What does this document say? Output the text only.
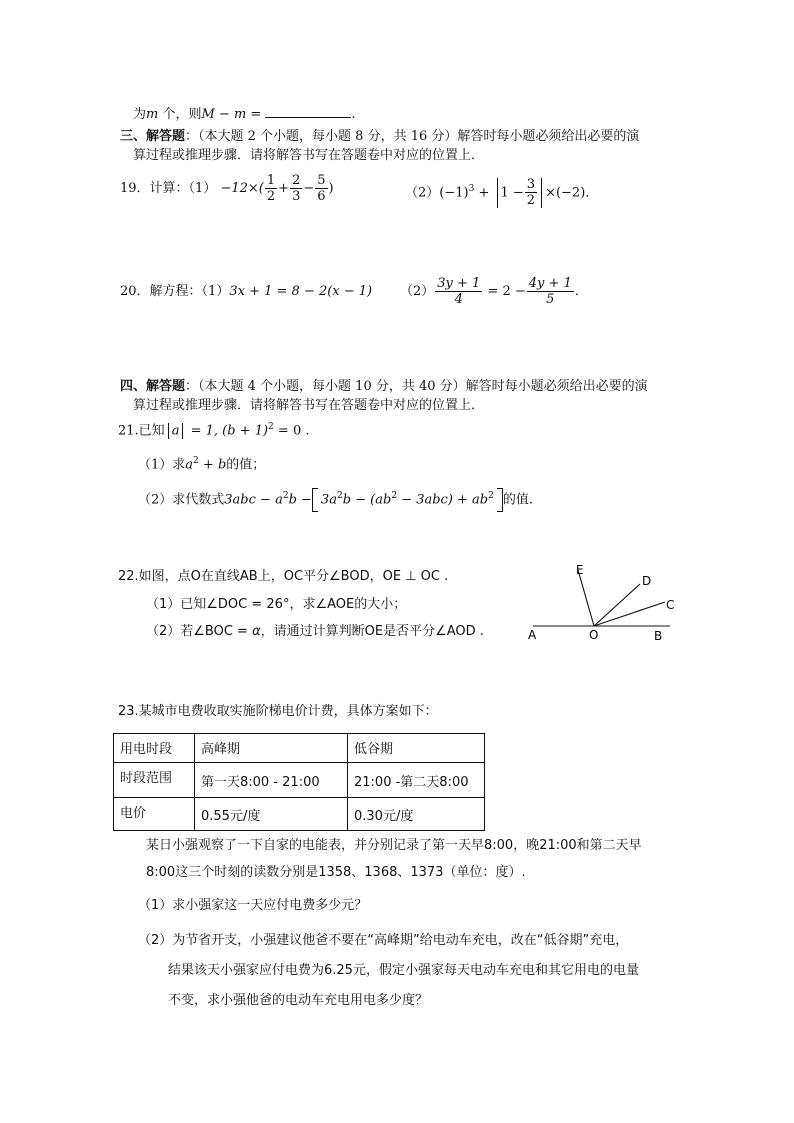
为m 个，则M − m =	.
三、解答题：（本大题 2 个小题，每小题 8 分，共 16 分）解答时每小题必须给出必要的演
算过程或推理步骤．请将解答书写在答题卷中对应的位置上．
19．计算：$(1) -12\times( \frac{1}{2} + \frac{2}{3} - \frac{5}{6}$ )	$(2)(-1)^3 + 1 - \frac{3}{2} \times(-2)$．
20．解方程：（1）3x + 1 = 8 − 2(x − 1) $(2) \frac{3y + 1}{4} = 2 - \frac{4y + 1}{5}$ ．
四、解答题：（本大题 4 个小题，每小题 10 分，共 40 分）解答时每小题必须给出必要的演
算过程或推理步骤．请将解答书写在答题卷中对应的位置上．
21.已知 a = 1, $(b + 1)^2 = 0$ .
（1）求$a^2 + b$的值；
（2）求代数式$3abc - a^2b - 3a^2b - (ab^2 - 3abc) + ab^2$ 的值.
22.如图，点O在直线AB上，OC平分∠BOD，OE ⊥ OC .
（1）已知∠DOC = 26°，求∠AOE的大小；
（2）若∠BOC = α，请通过计算判断OE是否平分∠AOD .
E
D
C
A	O	B
23.某城市电费收取实施阶梯电价计费，具体方案如下：
用电时段	高峰期	低谷期
时段范围	第一天8:00 - 21:00	21:00 -第二天8:00
电价	0.55元/度	0.30元/度
某日小强观察了一下自家的电能表，并分别记录了第一天早8:00，晚21:00和第二天早
8:00这三个时刻的读数分别是1358、1368、1373（单位：度）.
（1）求小强家这一天应付电费多少元？
（2）为节省开支，小强建议他爸不要在“高峰期”给电动车充电，改在“低谷期”充电，
结果该天小强家应付电费为6.25元，假定小强家每天电动车充电和其它用电的电量
不变，求小强他爸的电动车充电用电多少度？
